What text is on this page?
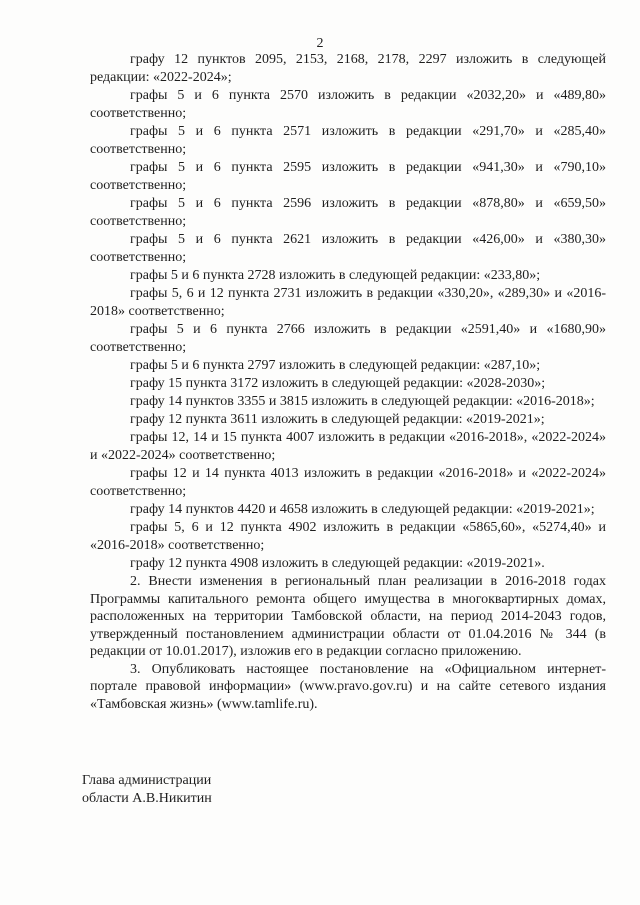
2

графу 12 пунктов 2095, 2153, 2168, 2178, 2297 изложить в следующей редакции: «2022-2024»;

графы 5 и 6 пункта 2570 изложить в редакции «2032,20» и «489,80» соответственно;

графы 5 и 6 пункта 2571 изложить в редакции «291,70» и «285,40» соответственно;

графы 5 и 6 пункта 2595 изложить в редакции «941,30» и «790,10» соответственно;

графы 5 и 6 пункта 2596 изложить в редакции «878,80» и «659,50» соответственно;

графы 5 и 6 пункта 2621 изложить в редакции «426,00» и «380,30» соответственно;

графы 5 и 6 пункта 2728 изложить в следующей редакции: «233,80»;

графы 5, 6 и 12 пункта 2731 изложить в редакции «330,20», «289,30» и «2016-2018» соответственно;

графы 5 и 6 пункта 2766 изложить в редакции «2591,40» и «1680,90» соответственно;

графы 5 и 6 пункта 2797 изложить в следующей редакции: «287,10»;

графу 15 пункта 3172 изложить в следующей редакции: «2028-2030»;

графу 14 пунктов 3355 и 3815 изложить в следующей редакции: «2016-2018»;

графу 12 пункта 3611 изложить в следующей редакции: «2019-2021»;

графы 12, 14 и 15 пункта 4007 изложить в редакции «2016-2018», «2022-2024» и «2022-2024» соответственно;

графы 12 и 14 пункта 4013 изложить в редакции «2016-2018» и «2022-2024» соответственно;

графу 14 пунктов 4420 и 4658 изложить в следующей редакции: «2019-2021»;

графы 5, 6 и 12 пункта 4902 изложить в редакции «5865,60», «5274,40» и «2016-2018» соответственно;

графу 12 пункта 4908 изложить в следующей редакции: «2019-2021».

2. Внести изменения в региональный план реализации в 2016-2018 годах Программы капитального ремонта общего имущества в многоквартирных домах, расположенных на территории Тамбовской области, на период 2014-2043 годов, утвержденный постановлением администрации области от 01.04.2016 № 344 (в редакции от 10.01.2017), изложив его в редакции согласно приложению.

3. Опубликовать настоящее постановление на «Официальном интернет-портале правовой информации» (www.pravo.gov.ru) и на сайте сетевого издания «Тамбовская жизнь» (www.tamlife.ru).

Глава администрации
области А.В.Никитин
